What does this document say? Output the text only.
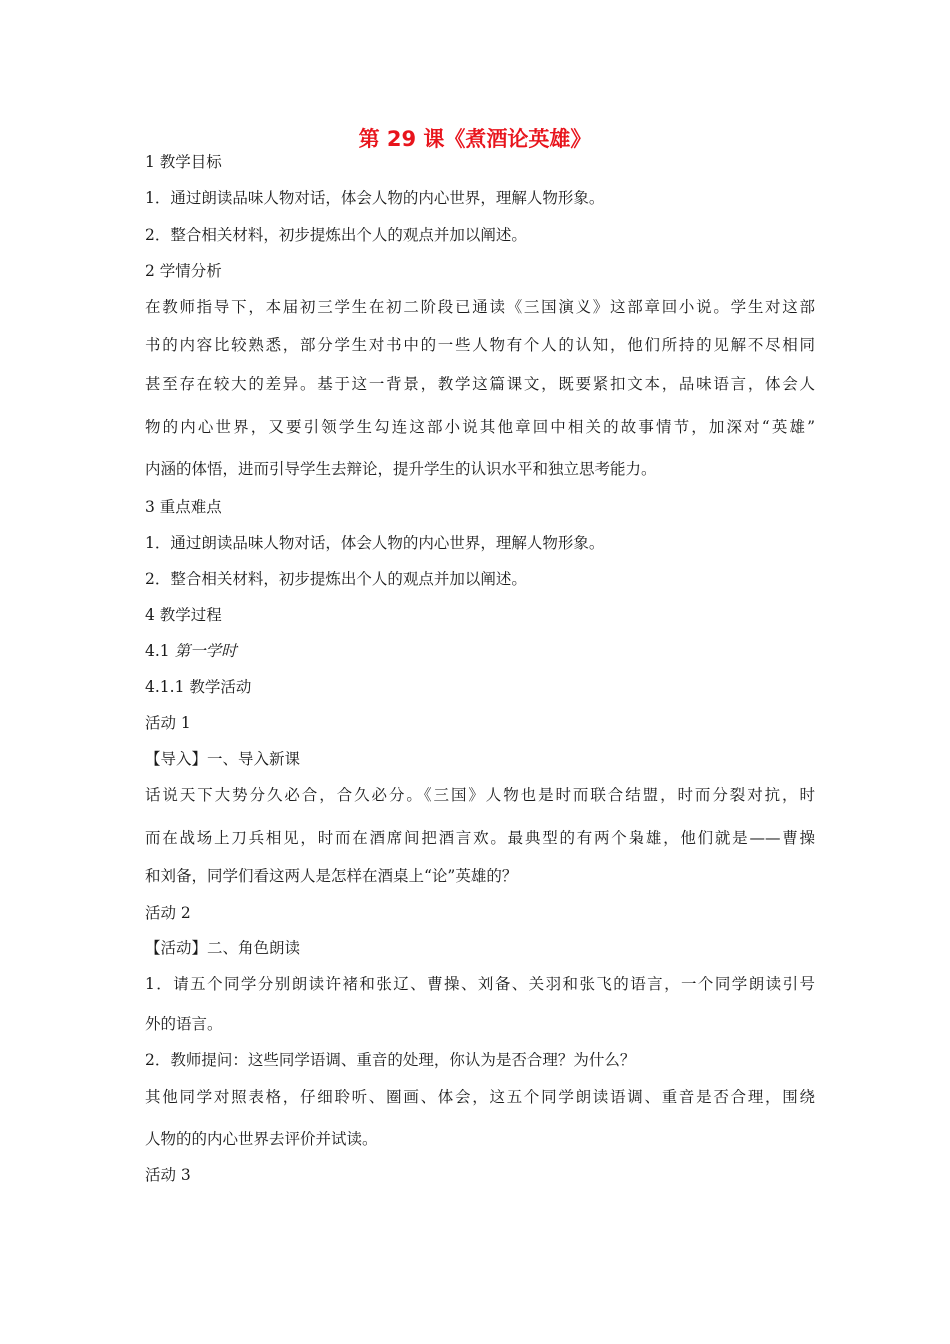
第 29 课《煮酒论英雄》

1 教学目标

1．通过朗读品味人物对话，体会人物的内心世界，理解人物形象。

2．整合相关材料，初步提炼出个人的观点并加以阐述。

2 学情分析

在教师指导下，本届初三学生在初二阶段已通读《三国演义》这部章回小说。学生对这部

书的内容比较熟悉，部分学生对书中的一些人物有个人的认知，他们所持的见解不尽相同

甚至存在较大的差异。基于这一背景，教学这篇课文，既要紧扣文本，品味语言，体会人

物的内心世界，又要引领学生勾连这部小说其他章回中相关的故事情节，加深对“英雄”

内涵的体悟，进而引导学生去辩论，提升学生的认识水平和独立思考能力。

3 重点难点

1．通过朗读品味人物对话，体会人物的内心世界，理解人物形象。

2．整合相关材料，初步提炼出个人的观点并加以阐述。

4 教学过程

4.1 第一学时

4.1.1 教学活动

活动 1

【导入】一、导入新课

话说天下大势分久必合，合久必分。《三国》人物也是时而联合结盟，时而分裂对抗，时

而在战场上刀兵相见，时而在酒席间把酒言欢。最典型的有两个枭雄，他们就是——曹操

和刘备，同学们看这两人是怎样在酒桌上“论”英雄的？

活动 2

【活动】二、角色朗读

1．请五个同学分别朗读许褚和张辽、曹操、刘备、关羽和张飞的语言，一个同学朗读引号

外的语言。

2．教师提问：这些同学语调、重音的处理，你认为是否合理？为什么？

其他同学对照表格，仔细聆听、圈画、体会，这五个同学朗读语调、重音是否合理，围绕

人物的的内心世界去评价并试读。

活动 3
